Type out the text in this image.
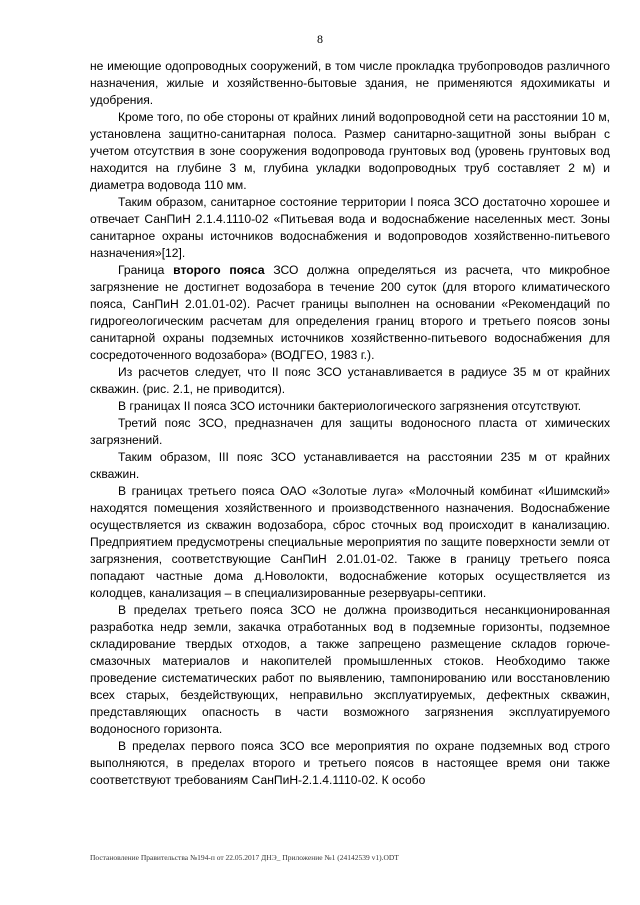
8

не имеющие одопроводных сооружений, в том числе прокладка трубопроводов различного назначения, жилые и хозяйственно-бытовые здания, не применяются ядохимикаты и удобрения.

Кроме того, по обе стороны от крайних линий водопроводной сети на расстоянии 10 м, установлена защитно-санитарная полоса. Размер санитарно-защитной зоны выбран с учетом отсутствия в зоне сооружения водопровода грунтовых вод (уровень грунтовых вод находится на глубине 3 м, глубина укладки водопроводных труб составляет 2 м) и диаметра водовода 110 мм.

Таким образом, санитарное состояние территории I пояса ЗСО достаточно хорошее и отвечает СанПиН 2.1.4.1110-02 «Питьевая вода и водоснабжение населенных мест. Зоны санитарное охраны источников водоснабжения и водопроводов хозяйственно-питьевого назначения»[12].

Граница второго пояса ЗСО должна определяться из расчета, что микробное загрязнение не достигнет водозабора в течение 200 суток (для второго климатического пояса, СанПиН 2.01.01-02). Расчет границы выполнен на основании «Рекомендаций по гидрогеологическим расчетам для определения границ второго и третьего поясов зоны санитарной охраны подземных источников хозяйственно-питьевого водоснабжения для сосредоточенного водозабора» (ВОДГЕО, 1983 г.).

Из расчетов следует, что II пояс ЗСО устанавливается в радиусе 35 м от крайних скважин. (рис. 2.1, не приводится).

В границах II пояса ЗСО источники бактериологического загрязнения отсутствуют.

Третий пояс ЗСО, предназначен для защиты водоносного пласта от химических загрязнений.

Таким образом, III пояс ЗСО устанавливается на расстоянии 235 м от крайних скважин.

В границах третьего пояса ОАО «Золотые луга» «Молочный комбинат «Ишимский» находятся помещения хозяйственного и производственного назначения. Водоснабжение осуществляется из скважин водозабора, сброс сточных вод происходит в канализацию. Предприятием предусмотрены специальные мероприятия по защите поверхности земли от загрязнения, соответствующие СанПиН 2.01.01-02. Также в границу третьего пояса попадают частные дома д.Новолокти, водоснабжение которых осуществляется из колодцев, канализация – в специализированные резервуары-септики.

В пределах третьего пояса ЗСО не должна производиться несанкционированная разработка недр земли, закачка отработанных вод в подземные горизонты, подземное складирование твердых отходов, а также запрещено размещение складов горюче-смазочных материалов и накопителей промышленных стоков. Необходимо также проведение систематических работ по выявлению, тампонированию или восстановлению всех старых, бездействующих, неправильно эксплуатируемых, дефектных скважин, представляющих опасность в части возможного загрязнения эксплуатируемого водоносного горизонта.

В пределах первого пояса ЗСО все мероприятия по охране подземных вод строго выполняются, в пределах второго и третьего поясов в настоящее время они также соответствуют требованиям СанПиН-2.1.4.1110-02. К особо

Постановление Правительства №194-п от 22.05.2017 ДНЭ_ Приложение №1 (24142539 v1).ODT
